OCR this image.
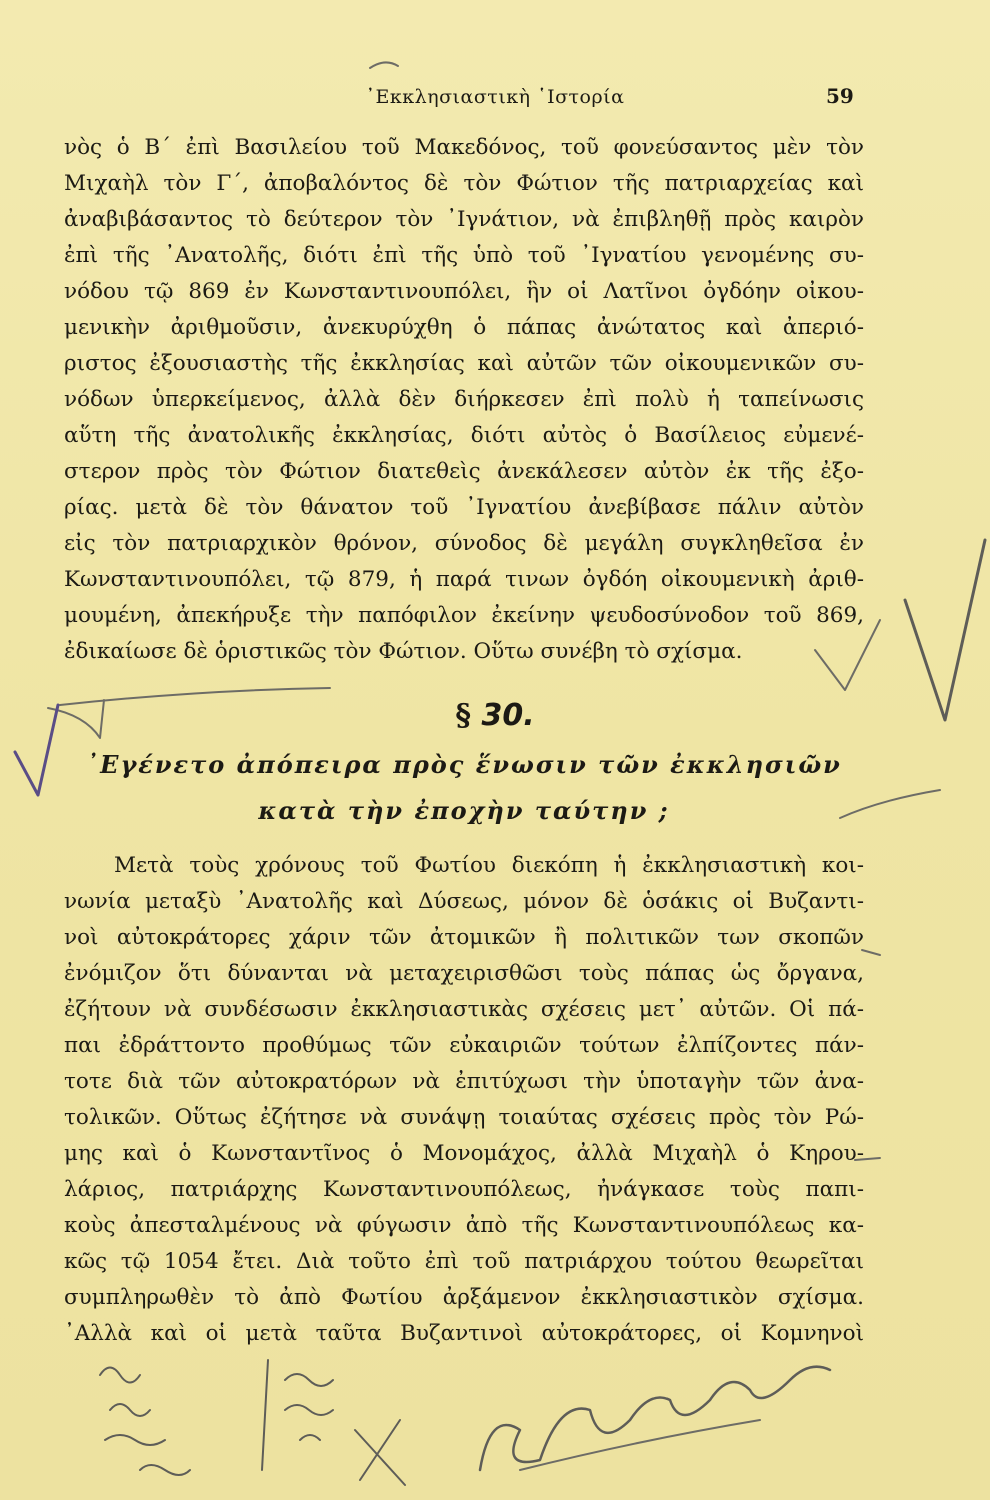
᾿Εκκλησιαστικὴ ῾Ιστορία	59
νὸς ὁ Β΄ ἐπὶ Βασιλείου τοῦ Μακεδόνος, τοῦ φονεύσαντος μὲν τὸν
Μιχαὴλ τὸν Γ΄, ἀποβαλόντος δὲ τὸν Φώτιον τῆς πατριαρχείας καὶ
ἀναβιβάσαντος τὸ δεύτερον τὸν ᾿Ιγνάτιον, νὰ ἐπιβληθῇ πρὸς καιρὸν
ἐπὶ τῆς ᾿Ανατολῆς, διότι ἐπὶ τῆς ὑπὸ τοῦ ᾿Ιγνατίου γενομένης συ-
νόδου τῷ 869 ἐν Κωνσταντινουπόλει, ἣν οἱ Λατῖνοι ὀγδόην οἰκου-
μενικὴν ἀριθμοῦσιν, ἀνεκυρύχθη ὁ πάπας ἀνώτατος καὶ ἀπεριό-
ριστος ἐξουσιαστὴς τῆς ἐκκλησίας καὶ αὐτῶν τῶν οἰκουμενικῶν συ-
νόδων ὑπερκείμενος, ἀλλὰ δὲν διήρκεσεν ἐπὶ πολὺ ἡ ταπείνωσις
αὕτη τῆς ἀνατολικῆς ἐκκλησίας, διότι αὐτὸς ὁ Βασίλειος εὐμενέ-
στερον πρὸς τὸν Φώτιον διατεθεὶς ἀνεκάλεσεν αὐτὸν ἐκ τῆς ἐξο-
ρίας. μετὰ δὲ τὸν θάνατον τοῦ ᾿Ιγνατίου ἀνεβίβασε πάλιν αὐτὸν
εἰς τὸν πατριαρχικὸν θρόνον, σύνοδος δὲ μεγάλη συγκληθεῖσα ἐν
Κωνσταντινουπόλει, τῷ 879, ἡ παρά τινων ὀγδόη οἰκουμενικὴ ἀριθ-
μουμένη, ἀπεκήρυξε τὴν παπόφιλον ἐκείνην ψευδοσύνοδον τοῦ 869,
ἐδικαίωσε δὲ ὁριστικῶς τὸν Φώτιον. Οὕτω συνέβη τὸ σχίσμα.
§ 30.
᾿Εγένετο ἀπόπειρα πρὸς ἕνωσιν τῶν ἐκκλησιῶν
κατὰ τὴν ἐποχὴν ταύτην ;
Μετὰ τοὺς χρόνους τοῦ Φωτίου διεκόπη ἡ ἐκκλησιαστικὴ κοι-
νωνία μεταξὺ ᾿Ανατολῆς καὶ Δύσεως, μόνον δὲ ὁσάκις οἱ Βυζαντι-
νοὶ αὐτοκράτορες χάριν τῶν ἀτομικῶν ἢ πολιτικῶν των σκοπῶν
ἐνόμιζον ὅτι δύνανται νὰ μεταχειρισθῶσι τοὺς πάπας ὡς ὄργανα,
ἐζήτουν νὰ συνδέσωσιν ἐκκλησιαστικὰς σχέσεις μετ᾿ αὐτῶν. Οἱ πά-
παι ἐδράττοντο προθύμως τῶν εὐκαιριῶν τούτων ἐλπίζοντες πάν-
τοτε διὰ τῶν αὐτοκρατόρων νὰ ἐπιτύχωσι τὴν ὑποταγὴν τῶν ἀνα-
τολικῶν. Οὕτως ἐζήτησε νὰ συνάψῃ τοιαύτας σχέσεις πρὸς τὸν Ρώ-
μης καὶ ὁ Κωνσταντῖνος ὁ Μονομάχος, ἀλλὰ Μιχαὴλ ὁ Κηρου-
λάριος, πατριάρχης Κωνσταντινουπόλεως, ἠνάγκασε τοὺς παπι-
κοὺς ἀπεσταλμένους νὰ φύγωσιν ἀπὸ τῆς Κωνσταντινουπόλεως κα-
κῶς τῷ 1054 ἔτει. Διὰ τοῦτο ἐπὶ τοῦ πατριάρχου τούτου θεωρεῖται
συμπληρωθὲν τὸ ἀπὸ Φωτίου ἀρξάμενον ἐκκλησιαστικὸν σχίσμα.
᾿Αλλὰ καὶ οἱ μετὰ ταῦτα Βυζαντινοὶ αὐτοκράτορες, οἱ Κομνηνοὶ
